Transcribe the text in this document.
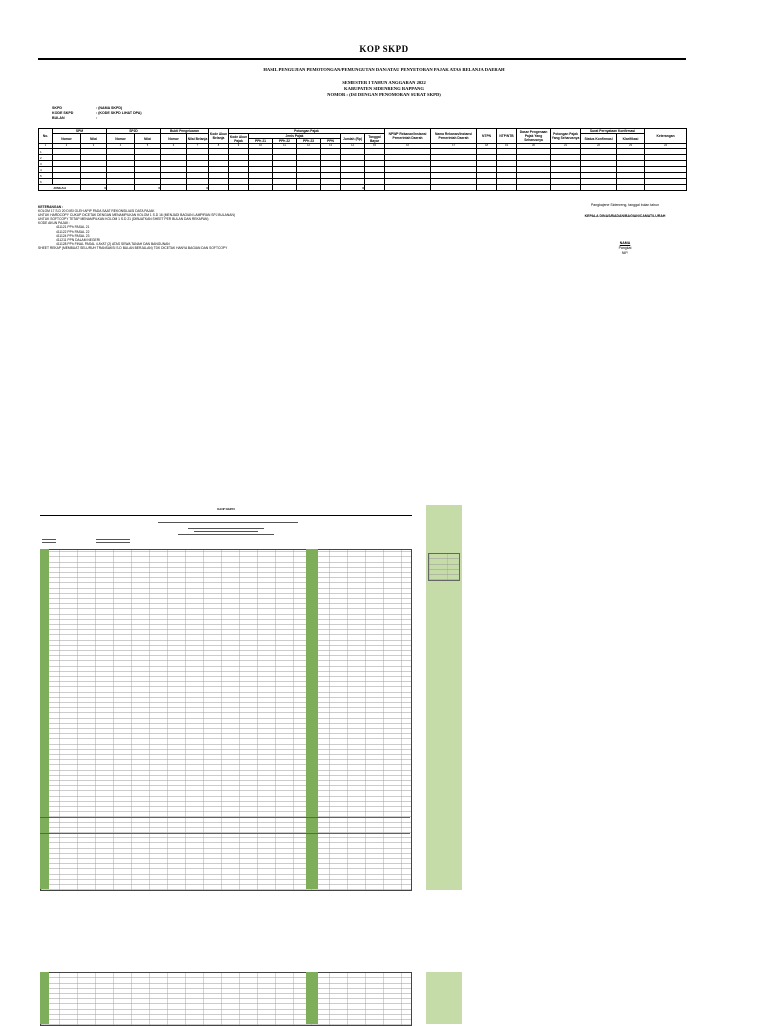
KOP SKPD
HASIL PENGUJIAN PEMOTONGAN/PEMUNGUTAN DAN/ATAU PENYETORAN PAJAK ATAS BELANJA DAERAH
SEMESTER I TAHUN ANGGARAN 2022
KABUPATEN SIDENRENG RAPPANG
NOMOR : (ISI DENGAN PENOMORAN SURAT SKPD)
SKPD	: (NAMA SKPD)
KODE SKPD	: (KODE SKPD LIHAT DPA)
BULAN	:
No.	SPM		SP2D		Bukti Pengeluaran		Kode Akun Belanja	Potongan Pajak							NPWP Rekanan/Instansi Pemerintah Daerah	Nama Rekanan/Instansi Pemerintah Daerah	NTPN	NTP/NTB	Dasar Pengenaan Pajak Yang Seharusnya	Potongan Pajak Yang Seharusnya	Surat Pernyataan Konfirmasi		Keterangan
	Nomor	Nilai	Nomor	Nilai	Nomor	Nilai Belanja		Kode Akun Pajak	Jenis Pajak				Jumlah (Rp)	Tanggal Bayar							Status Konfirmasi	Klarifikasi	
									PPh 21	PPh 22	PPh 23	PPN											
1	2	3	4	5	6	7	8	9	10	11	12	13	14	15	16	17	18	19	20	21	22	23	24
1																							
2																							
3																							
4																							
5																							
6																							
JUMLAH		0		0		0							0										
KETERANGAN :
KOLOM 17 S.D 20 DIISI OLEH APIP PADA SAAT REKONSILIASI DATA PAJAK
UNTUK HARDCOPY CUKUP DICETAK DENGAN MENAMPILKAN KOLOM 1 S.D 16 (MENJADI BAGIAN LAMPIRAN SPJ BULANAN)
UNTUK SOFTCOPY TETAP MENAMPILKAN KOLOM 1 S.D 21 (DIBUATKAN SHEET PER BULAN DAN REKAPAN)
KODE AKUN PAJAK :
411121 PPh PASAL 21
411122 PPh PASAL 22
411124 PPh PASAL 23
411211 PPN DALAM NEGERI
411128 PPh FINAL PASAL 4 AYAT (2) ATAS SEWA TANAH DAN BANGUNAN
SHEET REKAP (MEMBUAT SELURUH TRANSAKSI S.D BULAN BERJALAN) TDK DICETAK HANYA BAGIAN DAN SOFTCOPY
Pangkajene Sidenreng, tanggal bulan tahun
KEPALA DINAS/BADAN/BAGIAN/CAMAT/LURAH
NAMA
Pangkat
NIP.
KOP SKPD
